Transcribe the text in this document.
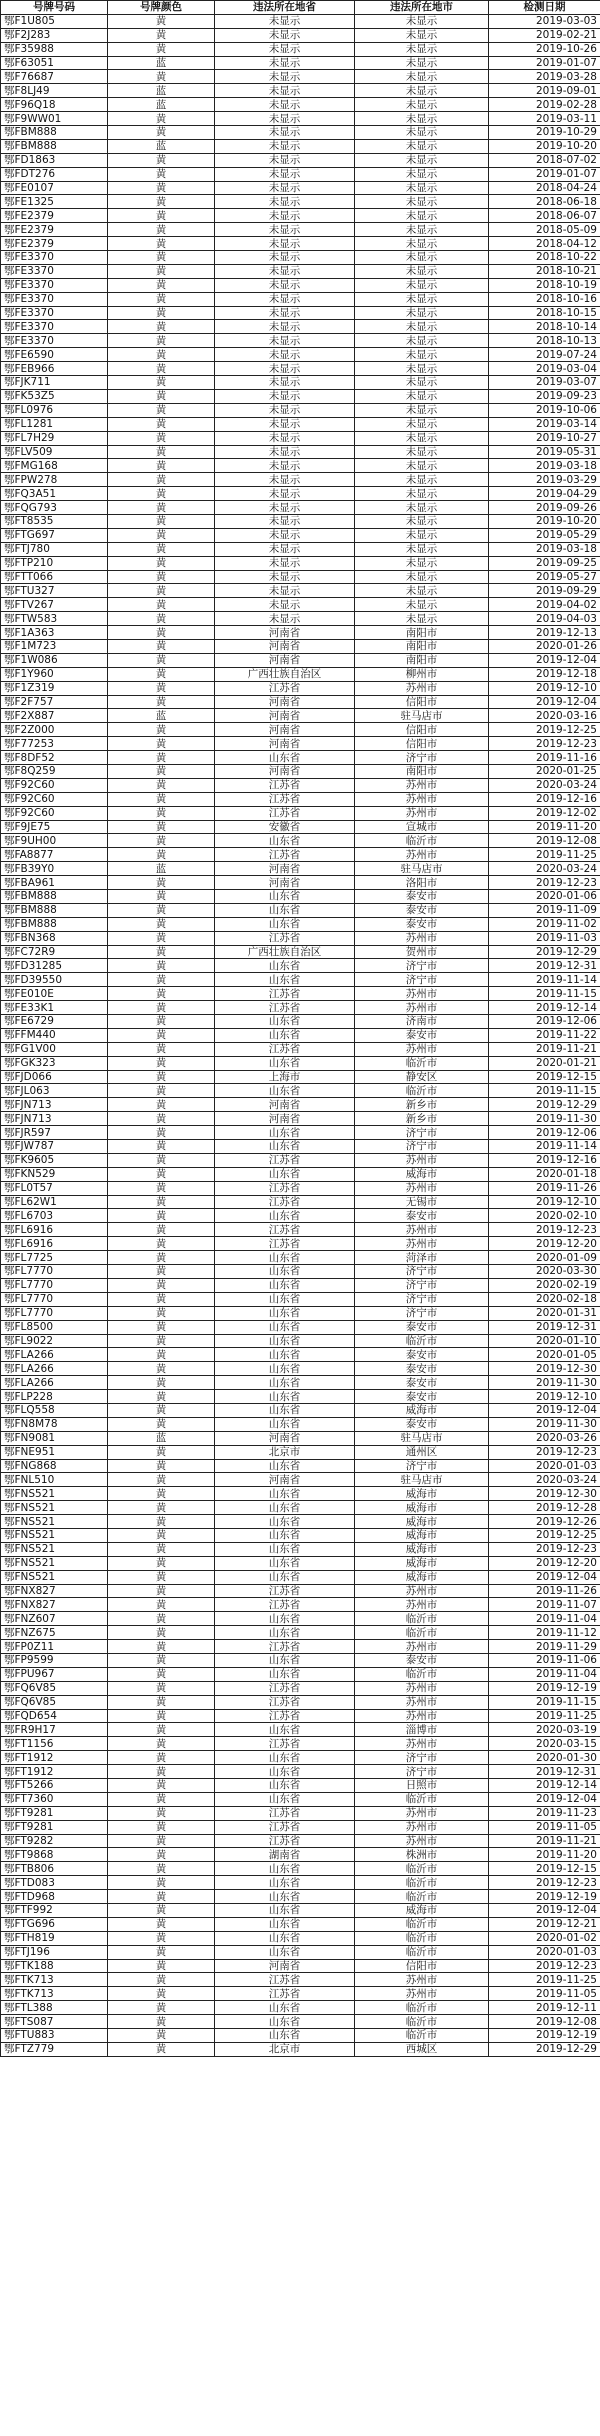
号牌号码	号牌颜色	违法所在地省	违法所在地市	检测日期
鄂F1U805	黄	未显示	未显示	2019-03-03
鄂F2J283	黄	未显示	未显示	2019-02-21
鄂F35988	黄	未显示	未显示	2019-10-26
鄂F63051	蓝	未显示	未显示	2019-01-07
鄂F76687	黄	未显示	未显示	2019-03-28
鄂F8LJ49	蓝	未显示	未显示	2019-09-01
鄂F96Q18	蓝	未显示	未显示	2019-02-28
鄂F9WW01	黄	未显示	未显示	2019-03-11
鄂FBM888	黄	未显示	未显示	2019-10-29
鄂FBM888	蓝	未显示	未显示	2019-10-20
鄂FD1863	黄	未显示	未显示	2018-07-02
鄂FDT276	黄	未显示	未显示	2019-01-07
鄂FE0107	黄	未显示	未显示	2018-04-24
鄂FE1325	黄	未显示	未显示	2018-06-18
鄂FE2379	黄	未显示	未显示	2018-06-07
鄂FE2379	黄	未显示	未显示	2018-05-09
鄂FE2379	黄	未显示	未显示	2018-04-12
鄂FE3370	黄	未显示	未显示	2018-10-22
鄂FE3370	黄	未显示	未显示	2018-10-21
鄂FE3370	黄	未显示	未显示	2018-10-19
鄂FE3370	黄	未显示	未显示	2018-10-16
鄂FE3370	黄	未显示	未显示	2018-10-15
鄂FE3370	黄	未显示	未显示	2018-10-14
鄂FE3370	黄	未显示	未显示	2018-10-13
鄂FE6590	黄	未显示	未显示	2019-07-24
鄂FEB966	黄	未显示	未显示	2019-03-04
鄂FJK711	黄	未显示	未显示	2019-03-07
鄂FK53Z5	黄	未显示	未显示	2019-09-23
鄂FL0976	黄	未显示	未显示	2019-10-06
鄂FL1281	黄	未显示	未显示	2019-03-14
鄂FL7H29	黄	未显示	未显示	2019-10-27
鄂FLV509	黄	未显示	未显示	2019-05-31
鄂FMG168	黄	未显示	未显示	2019-03-18
鄂FPW278	黄	未显示	未显示	2019-03-29
鄂FQ3A51	黄	未显示	未显示	2019-04-29
鄂FQG793	黄	未显示	未显示	2019-09-26
鄂FT8535	黄	未显示	未显示	2019-10-20
鄂FTG697	黄	未显示	未显示	2019-05-29
鄂FTJ780	黄	未显示	未显示	2019-03-18
鄂FTP210	黄	未显示	未显示	2019-09-25
鄂FTT066	黄	未显示	未显示	2019-05-27
鄂FTU327	黄	未显示	未显示	2019-09-29
鄂FTV267	黄	未显示	未显示	2019-04-02
鄂FTW583	黄	未显示	未显示	2019-04-03
鄂F1A363	黄	河南省	南阳市	2019-12-13
鄂F1M723	黄	河南省	南阳市	2020-01-26
鄂F1W086	黄	河南省	南阳市	2019-12-04
鄂F1Y960	黄	广西壮族自治区	柳州市	2019-12-18
鄂F1Z319	黄	江苏省	苏州市	2019-12-10
鄂F2F757	黄	河南省	信阳市	2019-12-04
鄂F2X887	蓝	河南省	驻马店市	2020-03-16
鄂F2Z000	黄	河南省	信阳市	2019-12-25
鄂F77253	黄	河南省	信阳市	2019-12-23
鄂F8DF52	黄	山东省	济宁市	2019-11-16
鄂F8Q259	黄	河南省	南阳市	2020-01-25
鄂F92C60	黄	江苏省	苏州市	2020-03-24
鄂F92C60	黄	江苏省	苏州市	2019-12-16
鄂F92C60	黄	江苏省	苏州市	2019-12-02
鄂F9JE75	黄	安徽省	宣城市	2019-11-20
鄂F9UH00	黄	山东省	临沂市	2019-12-08
鄂FA8877	黄	江苏省	苏州市	2019-11-25
鄂FB39Y0	蓝	河南省	驻马店市	2020-03-24
鄂FBA961	黄	河南省	洛阳市	2019-12-23
鄂FBM888	黄	山东省	泰安市	2020-01-06
鄂FBM888	黄	山东省	泰安市	2019-11-09
鄂FBM888	黄	山东省	泰安市	2019-11-02
鄂FBN368	黄	江苏省	苏州市	2019-11-03
鄂FC72R9	黄	广西壮族自治区	贺州市	2019-12-29
鄂FD31285	黄	山东省	济宁市	2019-12-31
鄂FD39550	黄	山东省	济宁市	2019-11-14
鄂FE010E	黄	江苏省	苏州市	2019-11-15
鄂FE33K1	黄	江苏省	苏州市	2019-12-14
鄂FE6729	黄	山东省	济南市	2019-12-06
鄂FFM440	黄	山东省	泰安市	2019-11-22
鄂FG1V00	黄	江苏省	苏州市	2019-11-21
鄂FGK323	黄	山东省	临沂市	2020-01-21
鄂FJD066	黄	上海市	静安区	2019-12-15
鄂FJL063	黄	山东省	临沂市	2019-11-15
鄂FJN713	黄	河南省	新乡市	2019-12-29
鄂FJN713	黄	河南省	新乡市	2019-11-30
鄂FJR597	黄	山东省	济宁市	2019-12-06
鄂FJW787	黄	山东省	济宁市	2019-11-14
鄂FK9605	黄	江苏省	苏州市	2019-12-16
鄂FKN529	黄	山东省	威海市	2020-01-18
鄂FL0T57	黄	江苏省	苏州市	2019-11-26
鄂FL62W1	黄	江苏省	无锡市	2019-12-10
鄂FL6703	黄	山东省	泰安市	2020-02-10
鄂FL6916	黄	江苏省	苏州市	2019-12-23
鄂FL6916	黄	江苏省	苏州市	2019-12-20
鄂FL7725	黄	山东省	菏泽市	2020-01-09
鄂FL7770	黄	山东省	济宁市	2020-03-30
鄂FL7770	黄	山东省	济宁市	2020-02-19
鄂FL7770	黄	山东省	济宁市	2020-02-18
鄂FL7770	黄	山东省	济宁市	2020-01-31
鄂FL8500	黄	山东省	泰安市	2019-12-31
鄂FL9022	黄	山东省	临沂市	2020-01-10
鄂FLA266	黄	山东省	泰安市	2020-01-05
鄂FLA266	黄	山东省	泰安市	2019-12-30
鄂FLA266	黄	山东省	泰安市	2019-11-30
鄂FLP228	黄	山东省	泰安市	2019-12-10
鄂FLQ558	黄	山东省	威海市	2019-12-04
鄂FN8M78	黄	山东省	泰安市	2019-11-30
鄂FN9081	蓝	河南省	驻马店市	2020-03-26
鄂FNE951	黄	北京市	通州区	2019-12-23
鄂FNG868	黄	山东省	济宁市	2020-01-03
鄂FNL510	黄	河南省	驻马店市	2020-03-24
鄂FNS521	黄	山东省	威海市	2019-12-30
鄂FNS521	黄	山东省	威海市	2019-12-28
鄂FNS521	黄	山东省	威海市	2019-12-26
鄂FNS521	黄	山东省	威海市	2019-12-25
鄂FNS521	黄	山东省	威海市	2019-12-23
鄂FNS521	黄	山东省	威海市	2019-12-20
鄂FNS521	黄	山东省	威海市	2019-12-04
鄂FNX827	黄	江苏省	苏州市	2019-11-26
鄂FNX827	黄	江苏省	苏州市	2019-11-07
鄂FNZ607	黄	山东省	临沂市	2019-11-04
鄂FNZ675	黄	山东省	临沂市	2019-11-12
鄂FP0Z11	黄	江苏省	苏州市	2019-11-29
鄂FP9599	黄	山东省	泰安市	2019-11-06
鄂FPU967	黄	山东省	临沂市	2019-11-04
鄂FQ6V85	黄	江苏省	苏州市	2019-12-19
鄂FQ6V85	黄	江苏省	苏州市	2019-11-15
鄂FQD654	黄	江苏省	苏州市	2019-11-25
鄂FR9H17	黄	山东省	淄博市	2020-03-19
鄂FT1156	黄	江苏省	苏州市	2020-03-15
鄂FT1912	黄	山东省	济宁市	2020-01-30
鄂FT1912	黄	山东省	济宁市	2019-12-31
鄂FT5266	黄	山东省	日照市	2019-12-14
鄂FT7360	黄	山东省	临沂市	2019-12-04
鄂FT9281	黄	江苏省	苏州市	2019-11-23
鄂FT9281	黄	江苏省	苏州市	2019-11-05
鄂FT9282	黄	江苏省	苏州市	2019-11-21
鄂FT9868	黄	湖南省	株洲市	2019-11-20
鄂FTB806	黄	山东省	临沂市	2019-12-15
鄂FTD083	黄	山东省	临沂市	2019-12-23
鄂FTD968	黄	山东省	临沂市	2019-12-19
鄂FTF992	黄	山东省	威海市	2019-12-04
鄂FTG696	黄	山东省	临沂市	2019-12-21
鄂FTH819	黄	山东省	临沂市	2020-01-02
鄂FTJ196	黄	山东省	临沂市	2020-01-03
鄂FTK188	黄	河南省	信阳市	2019-12-23
鄂FTK713	黄	江苏省	苏州市	2019-11-25
鄂FTK713	黄	江苏省	苏州市	2019-11-05
鄂FTL388	黄	山东省	临沂市	2019-12-11
鄂FTS087	黄	山东省	临沂市	2019-12-08
鄂FTU883	黄	山东省	临沂市	2019-12-19
鄂FTZ779	黄	北京市	西城区	2019-12-29
